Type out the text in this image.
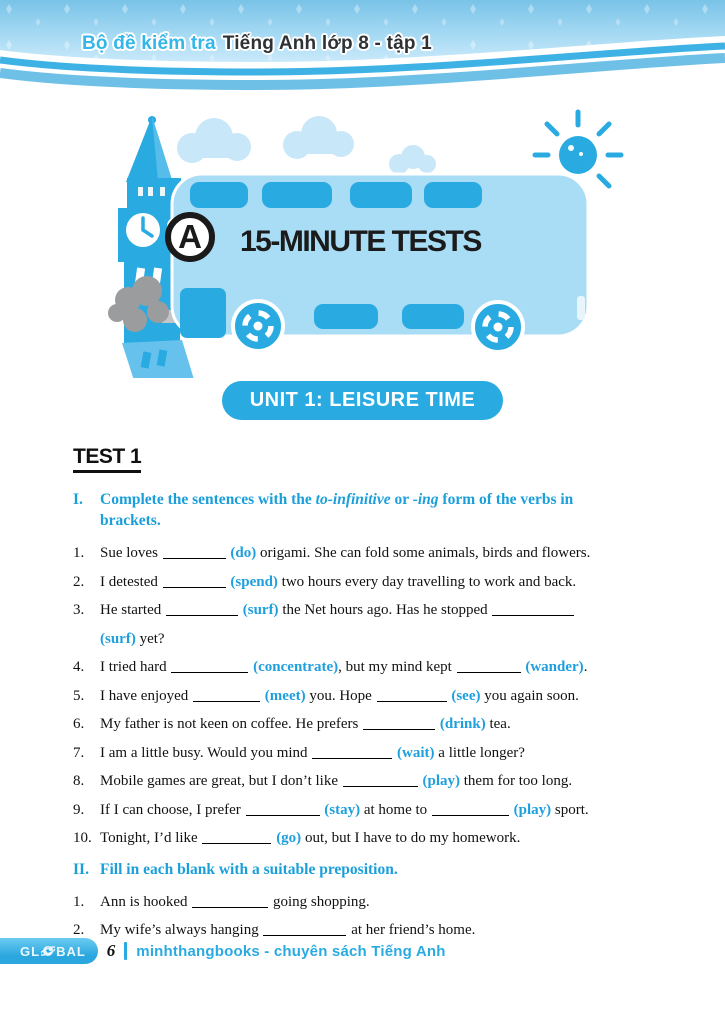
Bộ đề kiểm tra Tiếng Anh lớp 8 - tập 1
A 15-MINUTE TESTS
UNIT 1: LEISURE TIME
TEST 1
I.	Complete the sentences with the to-infinitive or -ing form of the verbs in
brackets.
1.	Sue loves	(do) origami. She can fold some animals, birds and flowers.
2.	I detested	(spend) two hours every day travelling to work and back.
3.	He started	(surf) the Net hours ago. Has he stopped
(surf) yet?
4.	I tried hard	(concentrate), but my mind kept	(wander).
5.	I have enjoyed	(meet) you. Hope	(see) you again soon.
6.	My father is not keen on coffee. He prefers	(drink) tea.
7.	I am a little busy. Would you mind	(wait) a little longer?
8.	Mobile games are great, but I don’t like	(play) them for too long.
9.	If I can choose, I prefer	(stay) at home to	(play) sport.
10. Tonight, I’d like	(go) out, but I have to do my homework.
II. Fill in each blank with a suitable preposition.
1.	Ann is hooked	going shopping.
2.	My wife’s always hanging	at her friend’s home.
GL BAL 6 minhthangbooks - chuyên sách Tiếng Anh
